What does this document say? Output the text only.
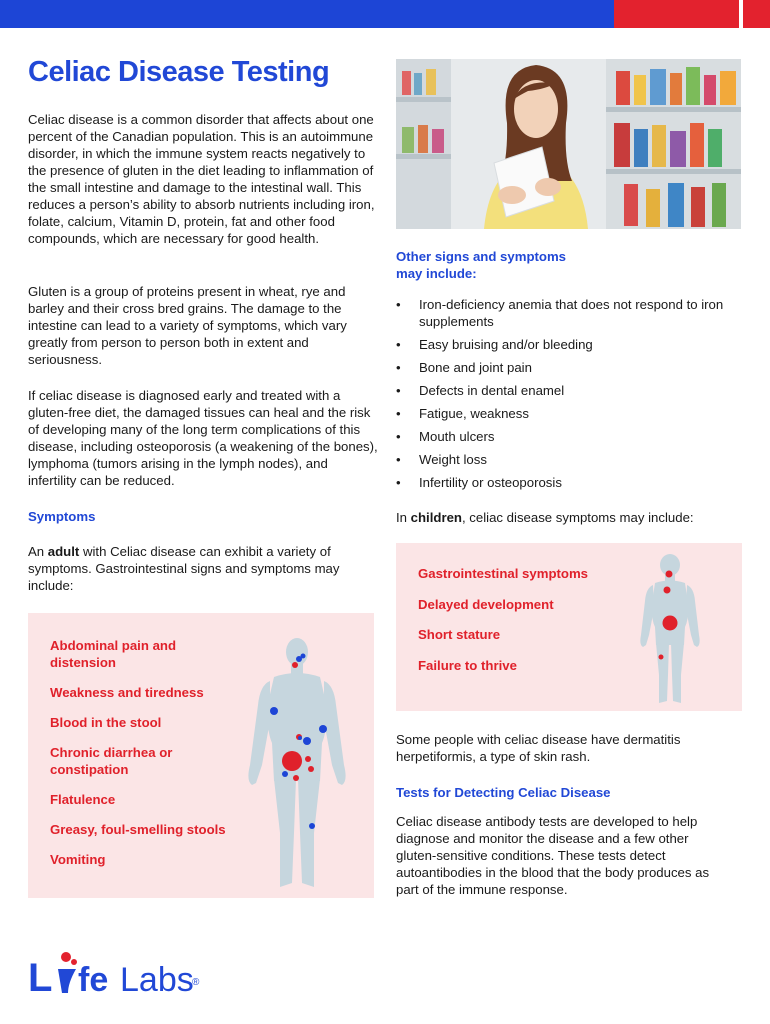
Celiac Disease Testing

Celiac disease is a common disorder that affects about one percent of the Canadian population. This is an autoimmune disorder, in which the immune system reacts negatively to the presence of gluten in the diet leading to inflammation of the small intestine and damage to the intestinal wall. This reduces a person’s ability to absorb nutrients including iron, folate, calcium, Vitamin D, protein, fat and other food compounds, which are necessary for good health.

Gluten is a group of proteins present in wheat, rye and barley and their cross bred grains. The damage to the intestine can lead to a variety of symptoms, which vary greatly from person to person both in extent and seriousness.

If celiac disease is diagnosed early and treated with a gluten-free diet, the damaged tissues can heal and the risk of developing many of the long term complications of this disease, including osteoporosis (a weakening of the bones), lymphoma (tumors arising in the lymph nodes), and infertility can be reduced.

Symptoms

An adult with Celiac disease can exhibit a variety of symptoms. Gastrointestinal signs and symptoms may include:

Abdominal pain and distension
Weakness and tiredness
Blood in the stool
Chronic diarrhea or constipation
Flatulence
Greasy, foul-smelling stools
Vomiting

Other signs and symptoms may include:

• Iron-deficiency anemia that does not respond to iron supplements
• Easy bruising and/or bleeding
• Bone and joint pain
• Defects in dental enamel
• Fatigue, weakness
• Mouth ulcers
• Weight loss
• Infertility or osteoporosis

In children, celiac disease symptoms may include:

Gastrointestinal symptoms
Delayed development
Short stature
Failure to thrive

Some people with celiac disease have dermatitis herpetiformis, a type of skin rash.

Tests for Detecting Celiac Disease

Celiac disease antibody tests are developed to help diagnose and monitor the disease and a few other gluten-sensitive conditions. These tests detect autoantibodies in the blood that the body produces as part of the immune response.

L fe Labs
®
